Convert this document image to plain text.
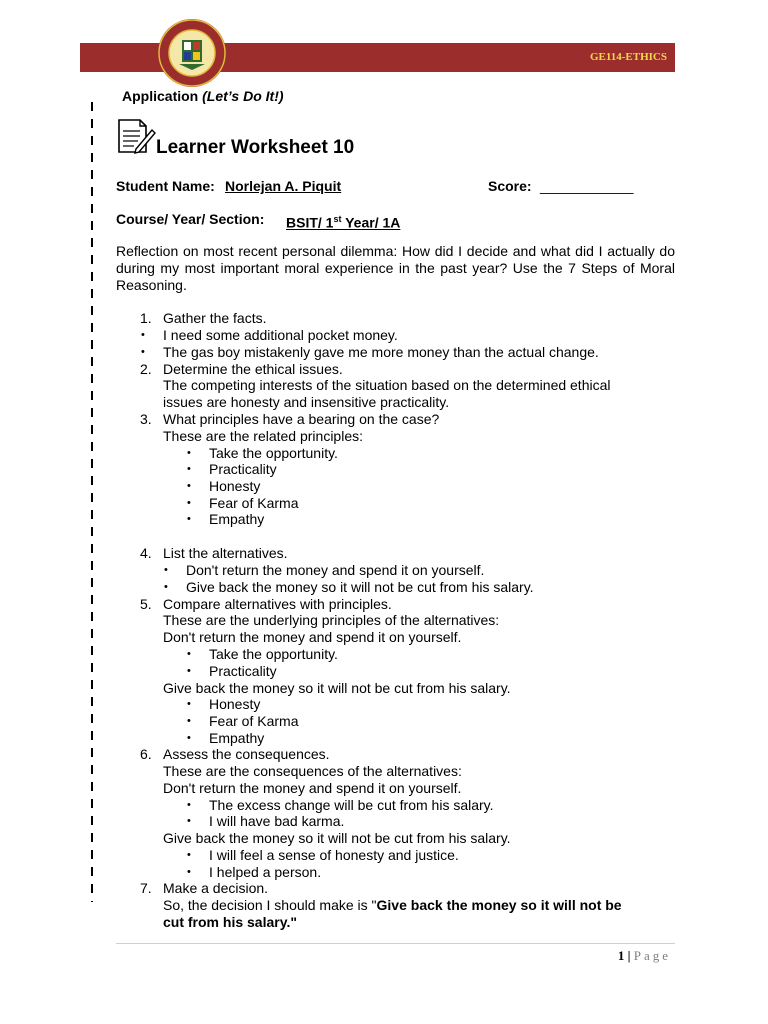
GE114-ETHICS
Application (Let’s Do It!)
Learner Worksheet 10
Student Name: Norlejan A. Piquit	Score: ____________
Course/ Year/ Section: BSIT/ 1st Year/ 1A
Reflection on most recent personal dilemma: How did I decide and what did I actually do during my most important moral experience in the past year? Use the 7 Steps of Moral Reasoning.
1. Gather the facts.
• I need some additional pocket money.
• The gas boy mistakenly gave me more money than the actual change.
2. Determine the ethical issues.
The competing interests of the situation based on the determined ethical
issues are honesty and insensitive practicality.
3. What principles have a bearing on the case?
These are the related principles:
• Take the opportunity.
• Practicality
• Honesty
• Fear of Karma
• Empathy
4. List the alternatives.
• Don't return the money and spend it on yourself.
• Give back the money so it will not be cut from his salary.
5. Compare alternatives with principles.
These are the underlying principles of the alternatives:
Don't return the money and spend it on yourself.
• Take the opportunity.
• Practicality
Give back the money so it will not be cut from his salary.
• Honesty
• Fear of Karma
• Empathy
6. Assess the consequences.
These are the consequences of the alternatives:
Don't return the money and spend it on yourself.
• The excess change will be cut from his salary.
• I will have bad karma.
Give back the money so it will not be cut from his salary.
• I will feel a sense of honesty and justice.
• I helped a person.
7. Make a decision.
So, the decision I should make is "Give back the money so it will not be
cut from his salary."
1 | Page
